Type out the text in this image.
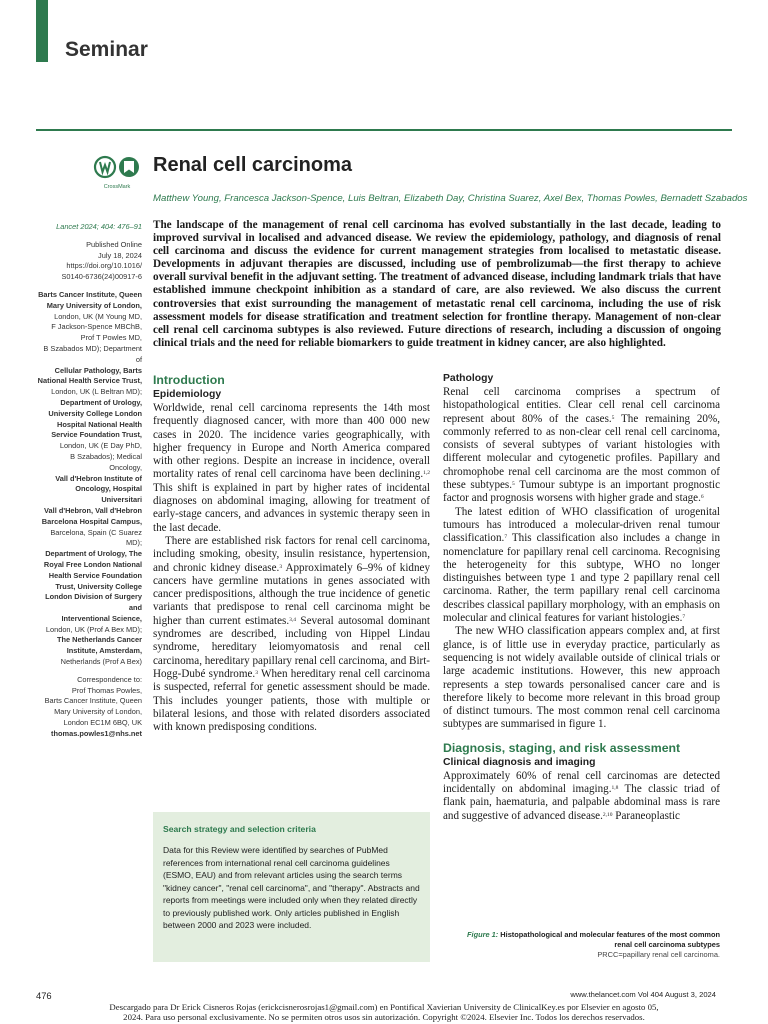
Seminar
CrossMark
Renal cell carcinoma
Matthew Young, Francesca Jackson-Spence, Luis Beltran, Elizabeth Day, Christina Suarez, Axel Bex, Thomas Powles, Bernadett Szabados
Lancet 2024; 404: 476–91
Published Online
July 18, 2024
https://doi.org/10.1016/
S0140-6736(24)00917-6
Barts Cancer Institute, Queen
Mary University of London,
London, UK (M Young MD,
F Jackson-Spence MBChB,
Prof T Powles MD,
B Szabados MD); Department of
Cellular Pathology, Barts
National Health Service Trust,
London, UK (L Beltran MD);
Department of Urology,
University College London
Hospital National Health
Service Foundation Trust,
London, UK (E Day PhD,
B Szabados); Medical Oncology,
Vall d'Hebron Institute of
Oncology, Hospital Universitari
Vall d'Hebron, Vall d'Hebron
Barcelona Hospital Campus,
Barcelona, Spain (C Suarez MD);
Department of Urology, The
Royal Free London National
Health Service Foundation
Trust, University College
London Division of Surgery and
Interventional Science,
London, UK (Prof A Bex MD);
The Netherlands Cancer
Institute, Amsterdam,
Netherlands (Prof A Bex)
Correspondence to:
Prof Thomas Powles,
Barts Cancer Institute, Queen
Mary University of London,
London EC1M 6BQ, UK
thomas.powles1@nhs.net
The landscape of the management of renal cell carcinoma has evolved substantially in the last decade, leading to improved survival in localised and advanced disease. We review the epidemiology, pathology, and diagnosis of renal cell carcinoma and discuss the evidence for current management strategies from localised to metastatic disease. Developments in adjuvant therapies are discussed, including use of pembrolizumab—the first therapy to achieve overall survival benefit in the adjuvant setting. The treatment of advanced disease, including landmark trials that have established immune checkpoint inhibition as a standard of care, are also reviewed. We also discuss the current controversies that exist surrounding the management of metastatic renal cell carcinoma, including the use of risk assessment models for disease stratification and treatment selection for frontline therapy. Management of non-clear cell renal cell carcinoma subtypes is also reviewed. Future directions of research, including a discussion of ongoing clinical trials and the need for reliable biomarkers to guide treatment in kidney cancer, are also highlighted.
Introduction
Epidemiology

Worldwide, renal cell carcinoma represents the 14th most frequently diagnosed cancer, with more than 400 000 new cases in 2020. The incidence varies geographically, with higher frequency in Europe and North America compared with other regions. Despite an increase in incidence, overall mortality rates of renal cell carcinoma have been declining.$^{1,2}$ This shift is explained in part by higher rates of incidental diagnoses on abdominal imaging, allowing for treatment of early-stage cancers, and advances in systemic therapy seen in the last decade.

There are established risk factors for renal cell carcinoma, including smoking, obesity, insulin resistance, hypertension, and chronic kidney disease.$^3$ Approximately 6–9% of kidney cancers have germline mutations in genes associated with cancer predispositions, although the true incidence of genetic variants that predispose to renal cell carcinoma might be higher than current estimates.$^{3,4}$ Several autosomal dominant syndromes are described, including von Hippel Lindau syndrome, hereditary leiomyomatosis and renal cell carcinoma, hereditary papillary renal cell carcinoma, and Birt-Hogg-Dubé syndrome.$^3$ When hereditary renal cell carcinoma is suspected, referral for genetic assessment should be made. This includes younger patients, those with multiple or bilateral lesions, and those with related disorders associated with known predisposing conditions.

Search strategy and selection criteria
Data for this Review were identified by searches of PubMed references from international renal cell carcinoma guidelines (ESMO, EAU) and from relevant articles using the search terms "kidney cancer", "renal cell carcinoma", and "therapy". Abstracts and reports from meetings were included only when they related directly to previously published work. Only articles published in English between 2000 and 2023 were included.
Pathology

Renal cell carcinoma comprises a spectrum of histopathological entities. Clear cell renal cell carcinoma represent about 80% of the cases.$^5$ The remaining 20%, commonly referred to as non-clear cell renal cell carcinoma, consists of several subtypes of variant histologies with different molecular and cytogenetic profiles. Papillary and chromophobe renal cell carcinoma are the most common of these subtypes.$^5$ Tumour subtype is an important prognostic factor and prognosis worsens with higher grade and stage.$^6$

The latest edition of WHO classification of urogenital tumours has introduced a molecular-driven renal tumour classification.$^7$ This classification also includes a change in nomenclature for papillary renal cell carcinoma. Recognising the heterogeneity for this subtype, WHO no longer distinguishes between type 1 and type 2 papillary renal cell carcinoma. Rather, the term papillary renal cell carcinoma describes classical papillary morphology, with an emphasis on molecular and clinical features for variant histologies.$^7$

The new WHO classification appears complex and, at first glance, is of little use in everyday practice, particularly as sequencing is not widely available outside of clinical trials or large academic institutions. However, this new approach represents a step towards personalised cancer care and is therefore likely to become more relevant in this broad group of distinct tumours. The most common renal cell carcinoma subtypes are summarised in figure 1.

Diagnosis, staging, and risk assessment
Clinical diagnosis and imaging

Approximately 60% of renal cell carcinomas are detected incidentally on abdominal imaging.$^{1,8}$ The classic triad of flank pain, haematuria, and palpable abdominal mass is rare and suggestive of advanced disease.$^{2,10}$ Paraneoplastic

Figure 1: Histopathological and molecular features of the most common
renal cell carcinoma subtypes
PRCC=papillary renal cell carcinoma.
476	www.thelancet.com Vol 404 August 3, 2024
Descargado para Dr Erick Cisneros Rojas (erickcisnerosrojas1@gmail.com) en Pontifical Xavierian University de ClinicalKey.es por Elsevier en agosto 05,
2024. Para uso personal exclusivamente. No se permiten otros usos sin autorización. Copyright ©2024. Elsevier Inc. Todos los derechos reservados.
